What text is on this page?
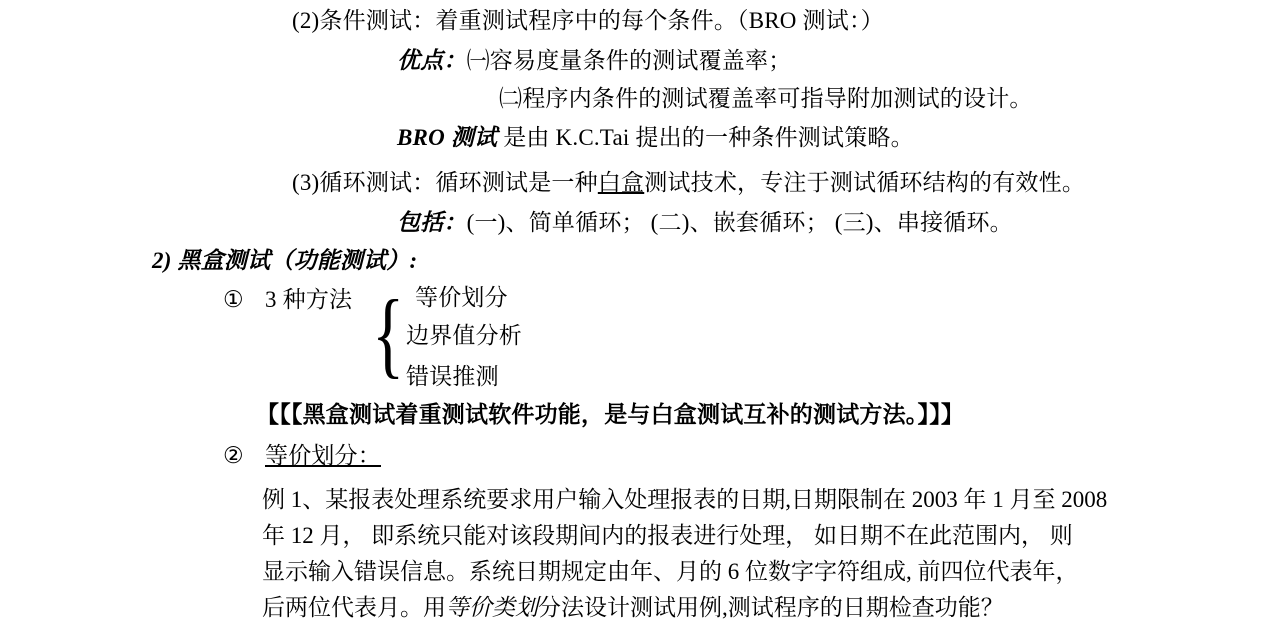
(2)条件测试：着重测试程序中的每个条件。（BRO 测试：）
优点：㈠容易度量条件的测试覆盖率；
㈡程序内条件的测试覆盖率可指导附加测试的设计。
BRO 测试 是由 K.C.Tai 提出的一种条件测试策略。
(3)循环测试：循环测试是一种白盒测试技术，专注于测试循环结构的有效性。
包括：(一)、简单循环； (二)、嵌套循环； (三)、串接循环。
2) 黑盒测试（功能测试）:
① 3 种方法 { 等价划分
边界值分析
错误推测
【【【黑盒测试着重测试软件功能，是与白盒测试互补的测试方法。】】】
② 等价划分：
例 1、某报表处理系统要求用户输入处理报表的日期,日期限制在 2003 年 1 月至 2008
年 12 月， 即系统只能对该段期间内的报表进行处理， 如日期不在此范围内， 则
显示输入错误信息。系统日期规定由年、月的 6 位数字字符组成, 前四位代表年，
后两位代表月。用等价类划分法设计测试用例,测试程序的日期检查功能？
